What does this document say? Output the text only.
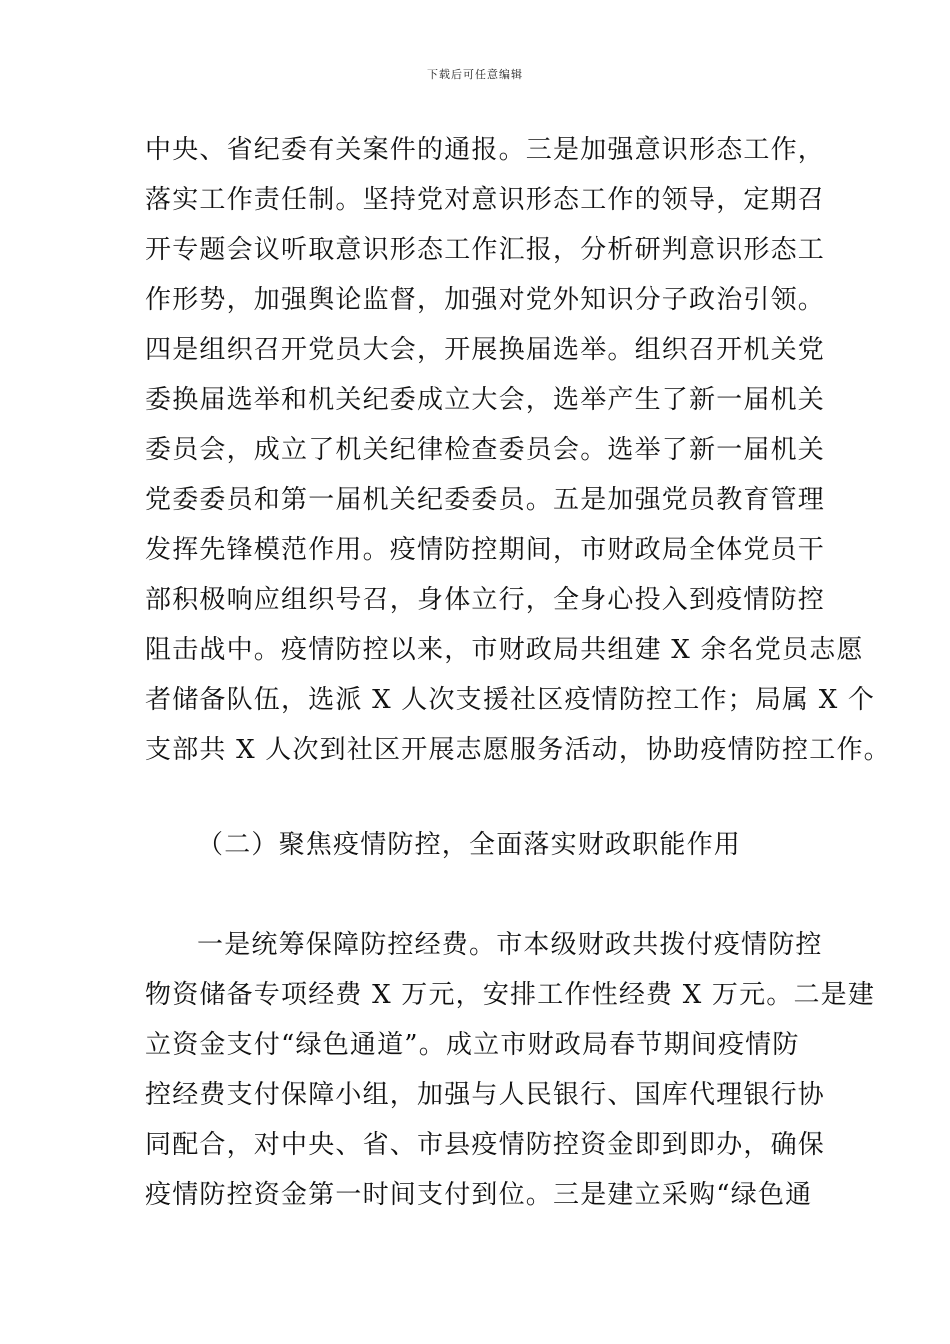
下载后可任意编辑
中央、省纪委有关案件的通报。三是加强意识形态工作，
落实工作责任制。坚持党对意识形态工作的领导，定期召
开专题会议听取意识形态工作汇报，分析研判意识形态工
作形势，加强舆论监督，加强对党外知识分子政治引领。
四是组织召开党员大会，开展换届选举。组织召开机关党
委换届选举和机关纪委成立大会，选举产生了新一届机关
委员会，成立了机关纪律检查委员会。选举了新一届机关
党委委员和第一届机关纪委委员。五是加强党员教育管理
发挥先锋模范作用。疫情防控期间，市财政局全体党员干
部积极响应组织号召，身体立行，全身心投入到疫情防控
阻击战中。疫情防控以来，市财政局共组建 X 余名党员志愿
者储备队伍，选派 X 人次支援社区疫情防控工作；局属 X 个
支部共 X 人次到社区开展志愿服务活动，协助疫情防控工作。
（二）聚焦疫情防控，全面落实财政职能作用
一是统筹保障防控经费。市本级财政共拨付疫情防控
物资储备专项经费 X 万元，安排工作性经费 X 万元。二是建
立资金支付“绿色通道”。成立市财政局春节期间疫情防
控经费支付保障小组，加强与人民银行、国库代理银行协
同配合，对中央、省、市县疫情防控资金即到即办，确保
疫情防控资金第一时间支付到位。三是建立采购“绿色通
